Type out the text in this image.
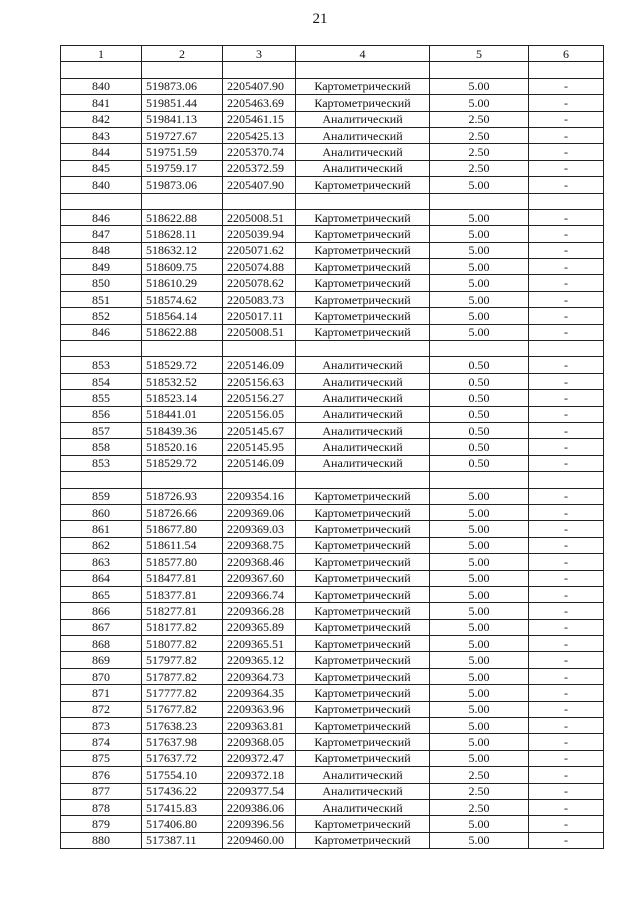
21
1	2	3	4	5	6

840	519873.06	2205407.90	Картометрический	5.00	-
841	519851.44	2205463.69	Картометрический	5.00	-
842	519841.13	2205461.15	Аналитический	2.50	-
843	519727.67	2205425.13	Аналитический	2.50	-
844	519751.59	2205370.74	Аналитический	2.50	-
845	519759.17	2205372.59	Аналитический	2.50	-
840	519873.06	2205407.90	Картометрический	5.00	-

846	518622.88	2205008.51	Картометрический	5.00	-
847	518628.11	2205039.94	Картометрический	5.00	-
848	518632.12	2205071.62	Картометрический	5.00	-
849	518609.75	2205074.88	Картометрический	5.00	-
850	518610.29	2205078.62	Картометрический	5.00	-
851	518574.62	2205083.73	Картометрический	5.00	-
852	518564.14	2205017.11	Картометрический	5.00	-
846	518622.88	2205008.51	Картометрический	5.00	-

853	518529.72	2205146.09	Аналитический	0.50	-
854	518532.52	2205156.63	Аналитический	0.50	-
855	518523.14	2205156.27	Аналитический	0.50	-
856	518441.01	2205156.05	Аналитический	0.50	-
857	518439.36	2205145.67	Аналитический	0.50	-
858	518520.16	2205145.95	Аналитический	0.50	-
853	518529.72	2205146.09	Аналитический	0.50	-

859	518726.93	2209354.16	Картометрический	5.00	-
860	518726.66	2209369.06	Картометрический	5.00	-
861	518677.80	2209369.03	Картометрический	5.00	-
862	518611.54	2209368.75	Картометрический	5.00	-
863	518577.80	2209368.46	Картометрический	5.00	-
864	518477.81	2209367.60	Картометрический	5.00	-
865	518377.81	2209366.74	Картометрический	5.00	-
866	518277.81	2209366.28	Картометрический	5.00	-
867	518177.82	2209365.89	Картометрический	5.00	-
868	518077.82	2209365.51	Картометрический	5.00	-
869	517977.82	2209365.12	Картометрический	5.00	-
870	517877.82	2209364.73	Картометрический	5.00	-
871	517777.82	2209364.35	Картометрический	5.00	-
872	517677.82	2209363.96	Картометрический	5.00	-
873	517638.23	2209363.81	Картометрический	5.00	-
874	517637.98	2209368.05	Картометрический	5.00	-
875	517637.72	2209372.47	Картометрический	5.00	-
876	517554.10	2209372.18	Аналитический	2.50	-
877	517436.22	2209377.54	Аналитический	2.50	-
878	517415.83	2209386.06	Аналитический	2.50	-
879	517406.80	2209396.56	Картометрический	5.00	-
880	517387.11	2209460.00	Картометрический	5.00	-
